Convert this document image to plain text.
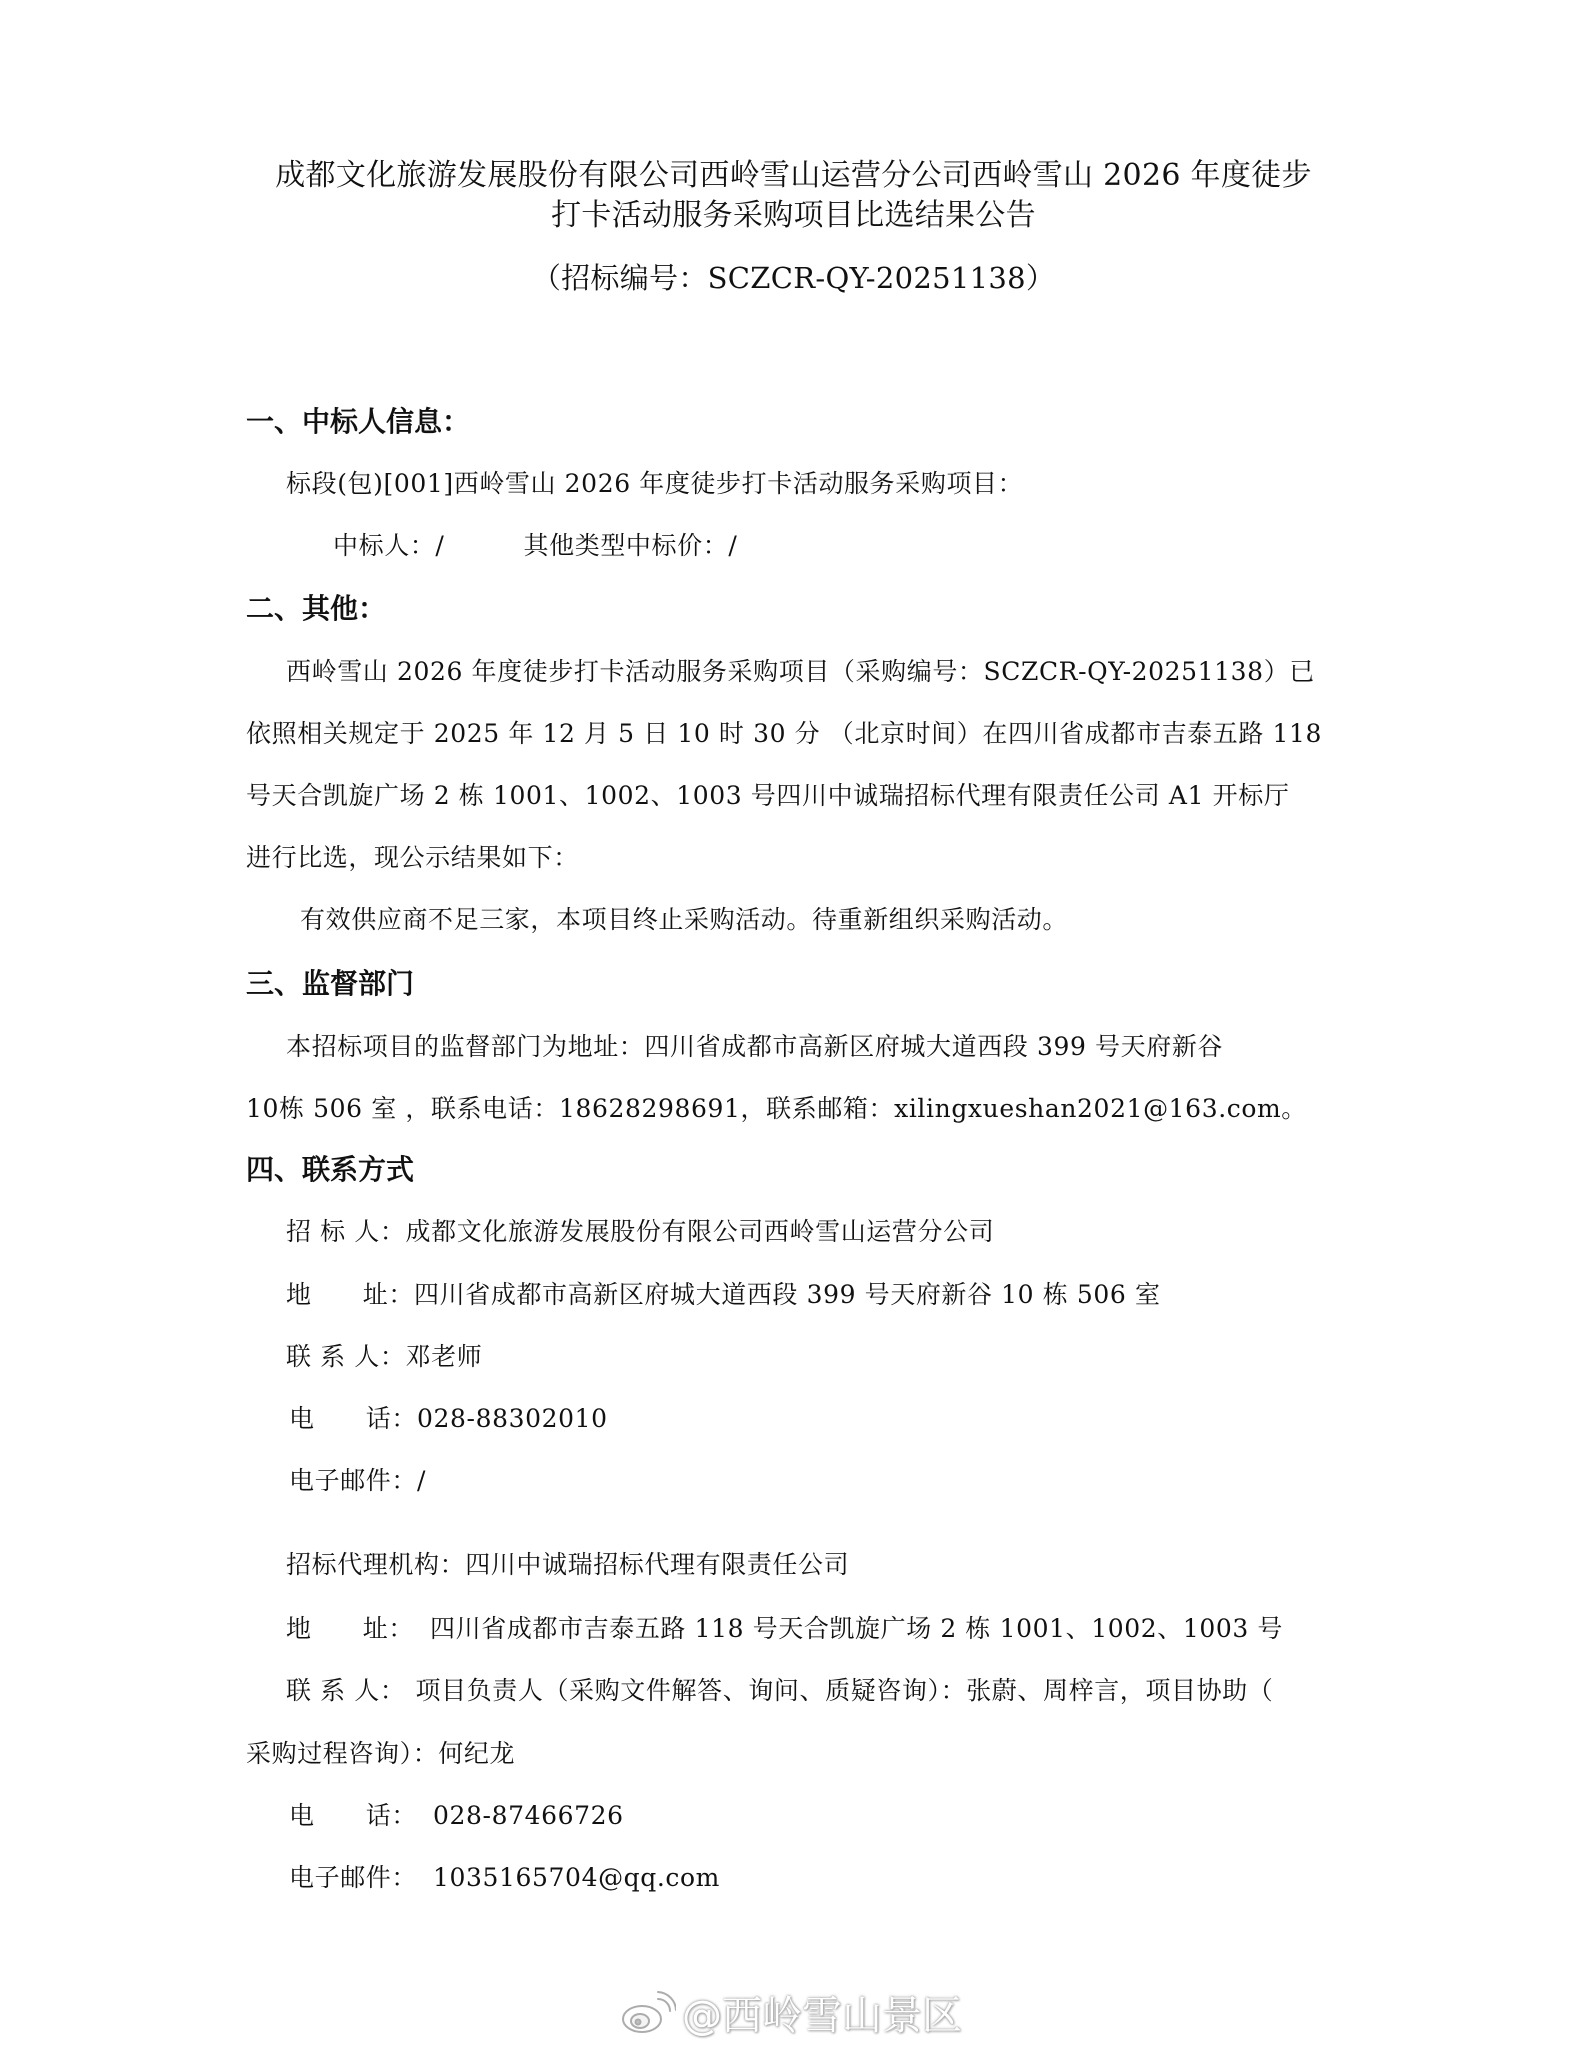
成都文化旅游发展股份有限公司西岭雪山运营分公司西岭雪山 2026 年度徒步
打卡活动服务采购项目比选结果公告
（招标编号：SCZCR-QY-20251138）
一、中标人信息：
标段(包)[001]西岭雪山 2026 年度徒步打卡活动服务采购项目：
中标人：/	其他类型中标价：/
二、其他：
西岭雪山 2026 年度徒步打卡活动服务采购项目（采购编号：SCZCR-QY-20251138）已
依照相关规定于 2025 年 12 月 5 日 10 时 30 分 （北京时间）在四川省成都市吉泰五路 118
号天合凯旋广场 2 栋 1001、1002、1003 号四川中诚瑞招标代理有限责任公司 A1 开标厅
进行比选，现公示结果如下：
有效供应商不足三家，本项目终止采购活动。待重新组织采购活动。
三、监督部门
本招标项目的监督部门为地址：四川省成都市高新区府城大道西段 399 号天府新谷
10栋 506 室 ，联系电话：18628298691，联系邮箱：xilingxueshan2021@163.com。
四、联系方式
招 标 人：成都文化旅游发展股份有限公司西岭雪山运营分公司
地　　址：四川省成都市高新区府城大道西段 399 号天府新谷 10 栋 506 室
联 系 人：邓老师
电　　话：028-88302010
电子邮件：/
招标代理机构：四川中诚瑞招标代理有限责任公司
地　　址： 四川省成都市吉泰五路 118 号天合凯旋广场 2 栋 1001、1002、1003 号
联 系 人： 项目负责人（采购文件解答、询问、质疑咨询）：张蔚、周梓言，项目协助（
采购过程咨询）：何纪龙
电　　话： 028-87466726
电子邮件： 1035165704@qq.com
@西岭雪山景区
